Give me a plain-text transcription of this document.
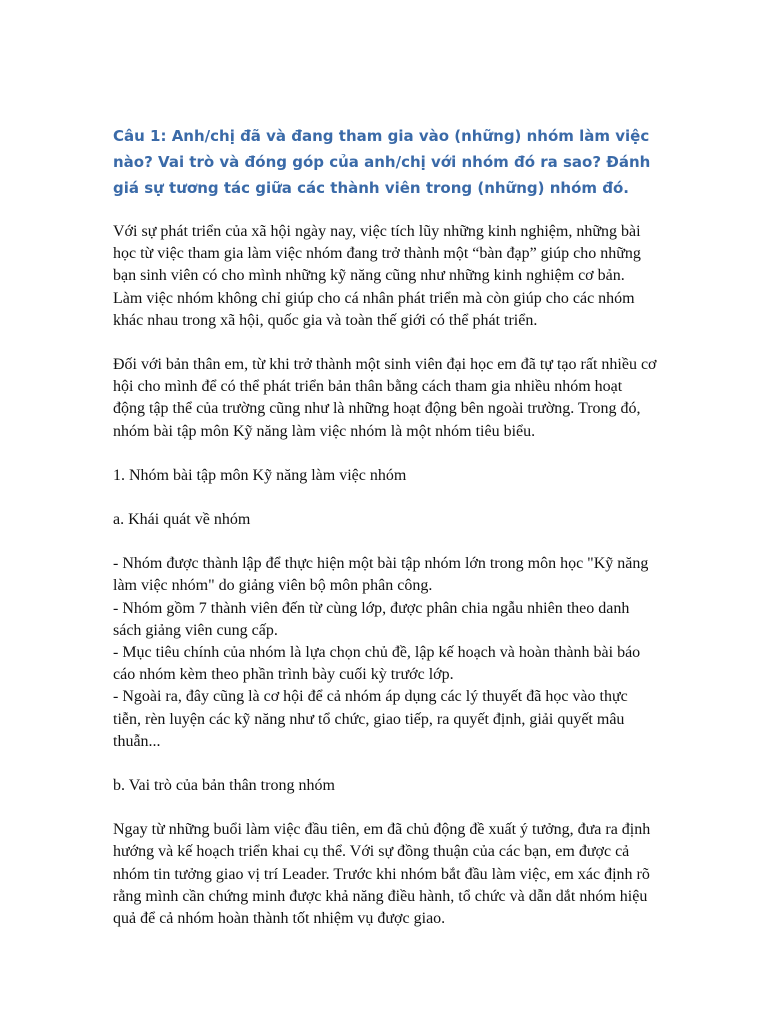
Câu 1: Anh/chị đã và đang tham gia vào (những) nhóm làm việc nào? Vai trò và đóng góp của anh/chị với nhóm đó ra sao? Đánh giá sự tương tác giữa các thành viên trong (những) nhóm đó.

Với sự phát triển của xã hội ngày nay, việc tích lũy những kinh nghiệm, những bài học từ việc tham gia làm việc nhóm đang trở thành một “bàn đạp” giúp cho những bạn sinh viên có cho mình những kỹ năng cũng như những kinh nghiệm cơ bản. Làm việc nhóm không chỉ giúp cho cá nhân phát triển mà còn giúp cho các nhóm khác nhau trong xã hội, quốc gia và toàn thế giới có thể phát triển.

Đối với bản thân em, từ khi trở thành một sinh viên đại học em đã tự tạo rất nhiều cơ hội cho mình để có thể phát triển bản thân bằng cách tham gia nhiều nhóm hoạt động tập thể của trường cũng như là những hoạt động bên ngoài trường. Trong đó, nhóm bài tập môn Kỹ năng làm việc nhóm là một nhóm tiêu biểu.

1. Nhóm bài tập môn Kỹ năng làm việc nhóm

a. Khái quát về nhóm

- Nhóm được thành lập để thực hiện một bài tập nhóm lớn trong môn học "Kỹ năng làm việc nhóm" do giảng viên bộ môn phân công.
- Nhóm gồm 7 thành viên đến từ cùng lớp, được phân chia ngẫu nhiên theo danh sách giảng viên cung cấp.
- Mục tiêu chính của nhóm là lựa chọn chủ đề, lập kế hoạch và hoàn thành bài báo cáo nhóm kèm theo phần trình bày cuối kỳ trước lớp.
- Ngoài ra, đây cũng là cơ hội để cả nhóm áp dụng các lý thuyết đã học vào thực tiễn, rèn luyện các kỹ năng như tổ chức, giao tiếp, ra quyết định, giải quyết mâu thuẫn...

b. Vai trò của bản thân trong nhóm

Ngay từ những buổi làm việc đầu tiên, em đã chủ động đề xuất ý tưởng, đưa ra định hướng và kế hoạch triển khai cụ thể. Với sự đồng thuận của các bạn, em được cả nhóm tin tưởng giao vị trí Leader. Trước khi nhóm bắt đầu làm việc, em xác định rõ rằng mình cần chứng minh được khả năng điều hành, tổ chức và dẫn dắt nhóm hiệu quả để cả nhóm hoàn thành tốt nhiệm vụ được giao.
